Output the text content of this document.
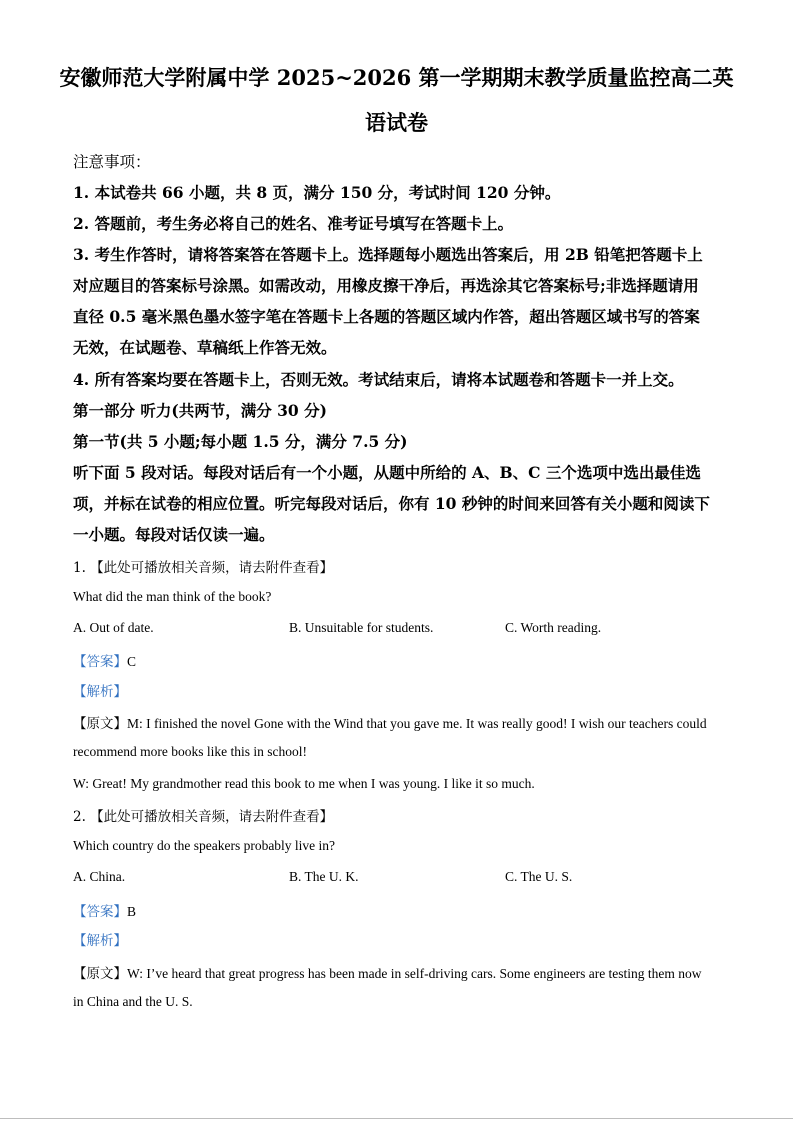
安徽师范大学附属中学 2025~2026 第一学期期末教学质量监控高二英
语试卷
注意事项：
1. 本试卷共 66 小题，共 8 页，满分 150 分，考试时间 120 分钟。
2. 答题前，考生务必将自己的姓名、准考证号填写在答题卡上。
3. 考生作答时，请将答案答在答题卡上。选择题每小题选出答案后，用 2B 铅笔把答题卡上
对应题目的答案标号涂黑。如需改动，用橡皮擦干净后，再选涂其它答案标号;非选择题请用
直径 0.5 毫米黑色墨水签字笔在答题卡上各题的答题区域内作答，超出答题区域书写的答案
无效，在试题卷、草稿纸上作答无效。
4. 所有答案均要在答题卡上，否则无效。考试结束后，请将本试题卷和答题卡一并上交。
第一部分 听力(共两节，满分 30 分)
第一节(共 5 小题;每小题 1.5 分，满分 7.5 分)
听下面 5 段对话。每段对话后有一个小题，从题中所给的 A、B、C 三个选项中选出最佳选
项，并标在试卷的相应位置。听完每段对话后，你有 10 秒钟的时间来回答有关小题和阅读下
一小题。每段对话仅读一遍。
1. 【此处可播放相关音频，请去附件查看】
What did the man think of the book?
A. Out of date.	B. Unsuitable for students.	C. Worth reading.
【答案】C
【解析】
【原文】M: I finished the novel Gone with the Wind that you gave me. It was really good! I wish our teachers could
recommend more books like this in school!
W: Great! My grandmother read this book to me when I was young. I like it so much.
2. 【此处可播放相关音频，请去附件查看】
Which country do the speakers probably live in?
A. China.	B. The U. K.	C. The U. S.
【答案】B
【解析】
【原文】W: I’ve heard that great progress has been made in self-driving cars. Some engineers are testing them now
in China and the U. S.
